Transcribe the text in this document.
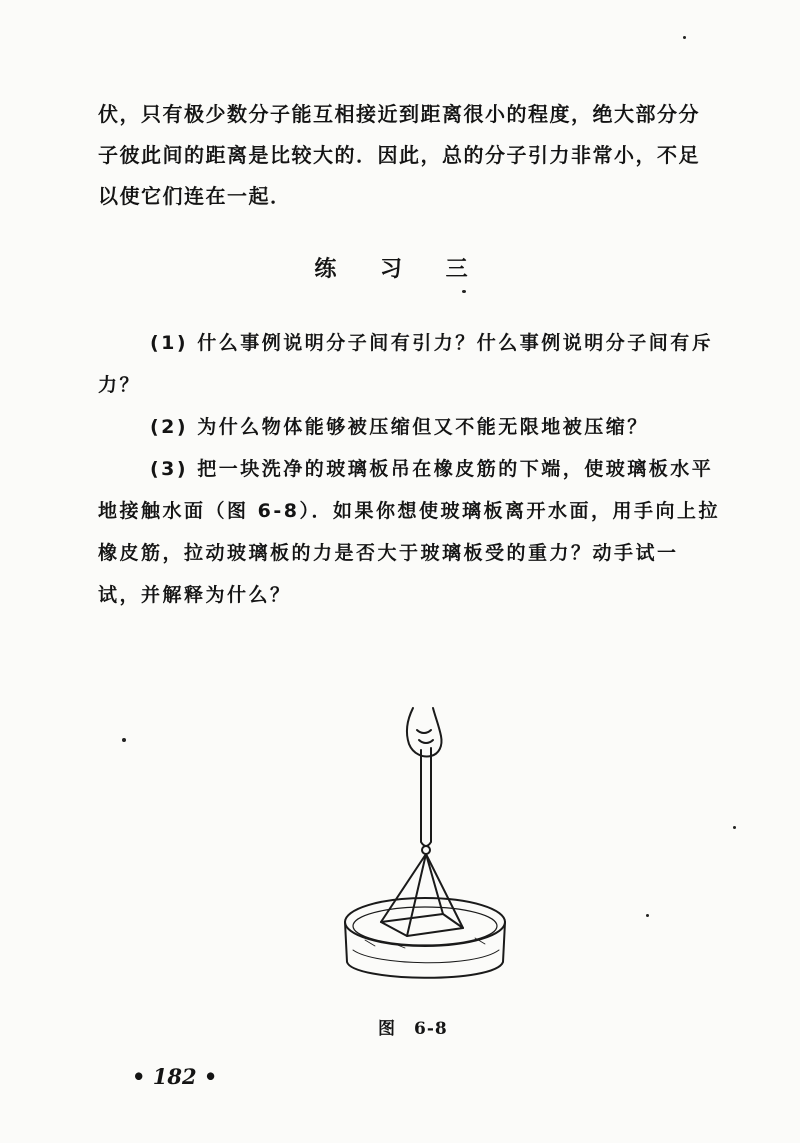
伏，只有极少数分子能互相接近到距离很小的程度，绝大部分分子彼此间的距离是比较大的．因此，总的分子引力非常小，不足以使它们连在一起．

练 习 三

(1) 什么事例说明分子间有引力？什么事例说明分子间有斥力？

(2) 为什么物体能够被压缩但又不能无限地被压缩？

(3) 把一块洗净的玻璃板吊在橡皮筋的下端，使玻璃板水平地接触水面（图 6-8）．如果你想使玻璃板离开水面，用手向上拉橡皮筋，拉动玻璃板的力是否大于玻璃板受的重力？动手试一试，并解释为什么？

图 6-8
• 182 •
